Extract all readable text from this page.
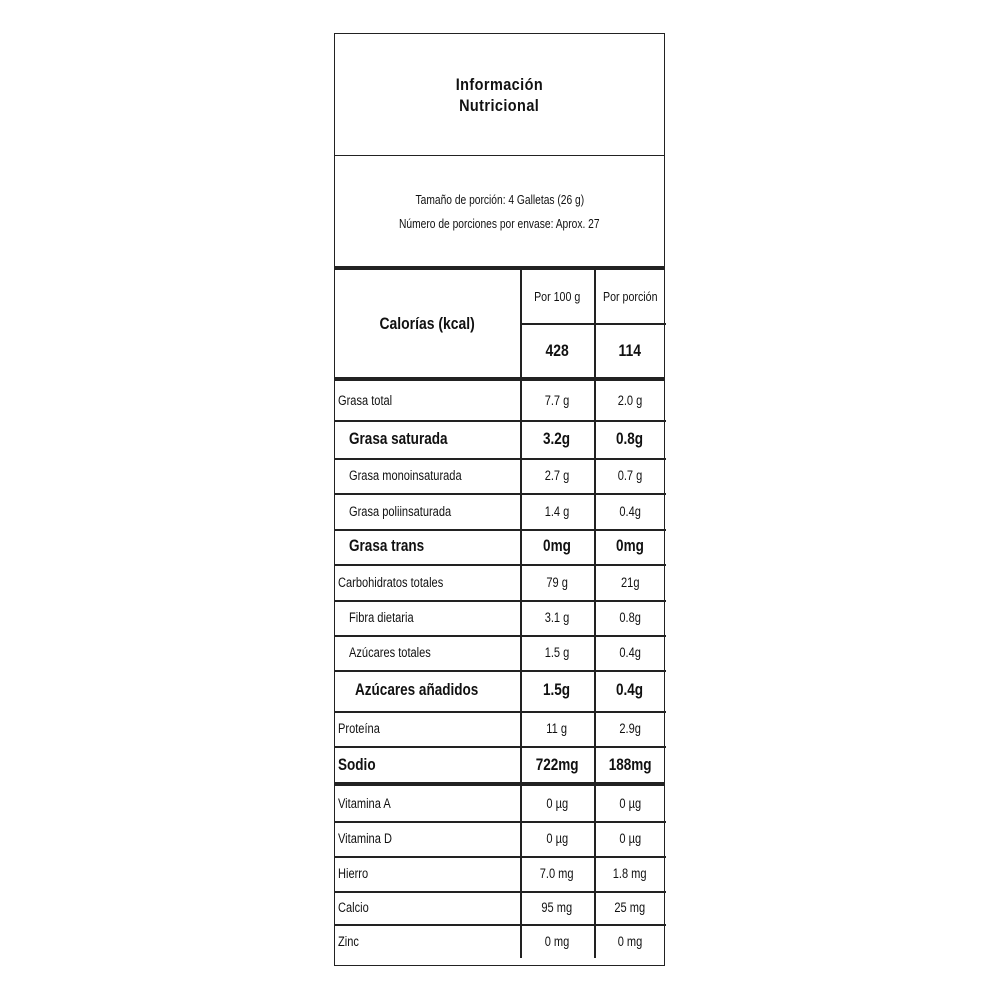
Información
Nutricional
Tamaño de porción: 4 Galletas (26 g)
Número de porciones por envase: Aprox. 27
Calorías (kcal)
Por 100 g Por porción
428	114
Grasa total	7.7 g	2.0 g
Grasa saturada	3.2g	0.8g
Grasa monoinsaturada	2.7 g	0.7 g
Grasa poliinsaturada	1.4 g	0.4g
Grasa trans	0mg	0mg
Carbohidratos totales	79 g	21g
Fibra dietaria	3.1 g	0.8g
Azúcares totales	1.5 g	0.4g
Azúcares añadidos	1.5g	0.4g
Proteína	11 g	2.9g
Sodio	722mg 188mg
Vitamina A	0 µg	0 µg
Vitamina D	0 µg	0 µg
Hierro	7.0 mg	1.8 mg
Calcio	95 mg	25 mg
Zinc	0 mg	0 mg
